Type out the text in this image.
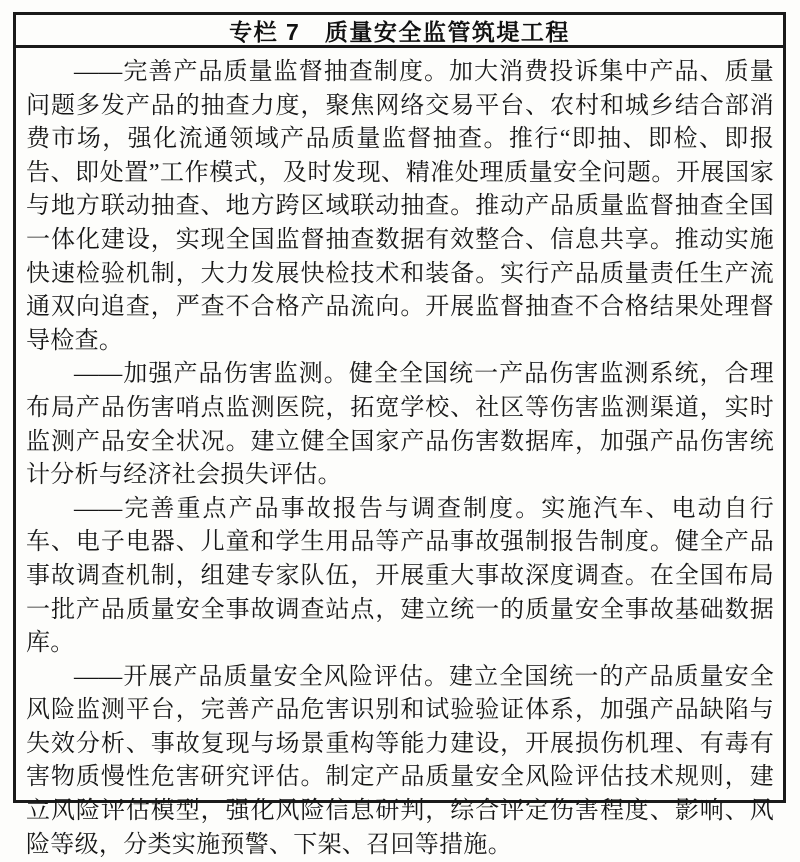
专栏 7　质量安全监管筑堤工程

——完善产品质量监督抽查制度。加大消费投诉集中产品、质量问题多发产品的抽查力度，聚焦网络交易平台、农村和城乡结合部消费市场，强化流通领域产品质量监督抽查。推行“即抽、即检、即报告、即处置”工作模式，及时发现、精准处理质量安全问题。开展国家与地方联动抽查、地方跨区域联动抽查。推动产品质量监督抽查全国一体化建设，实现全国监督抽查数据有效整合、信息共享。推动实施快速检验机制，大力发展快检技术和装备。实行产品质量责任生产流通双向追查，严查不合格产品流向。开展监督抽查不合格结果处理督导检查。

——加强产品伤害监测。健全全国统一产品伤害监测系统，合理布局产品伤害哨点监测医院，拓宽学校、社区等伤害监测渠道，实时监测产品安全状况。建立健全国家产品伤害数据库，加强产品伤害统计分析与经济社会损失评估。

——完善重点产品事故报告与调查制度。实施汽车、电动自行车、电子电器、儿童和学生用品等产品事故强制报告制度。健全产品事故调查机制，组建专家队伍，开展重大事故深度调查。在全国布局一批产品质量安全事故调查站点，建立统一的质量安全事故基础数据库。

——开展产品质量安全风险评估。建立全国统一的产品质量安全风险监测平台，完善产品危害识别和试验验证体系，加强产品缺陷与失效分析、事故复现与场景重构等能力建设，开展损伤机理、有毒有害物质慢性危害研究评估。制定产品质量安全风险评估技术规则，建立风险评估模型，强化风险信息研判，综合评定伤害程度、影响、风险等级，分类实施预警、下架、召回等措施。
